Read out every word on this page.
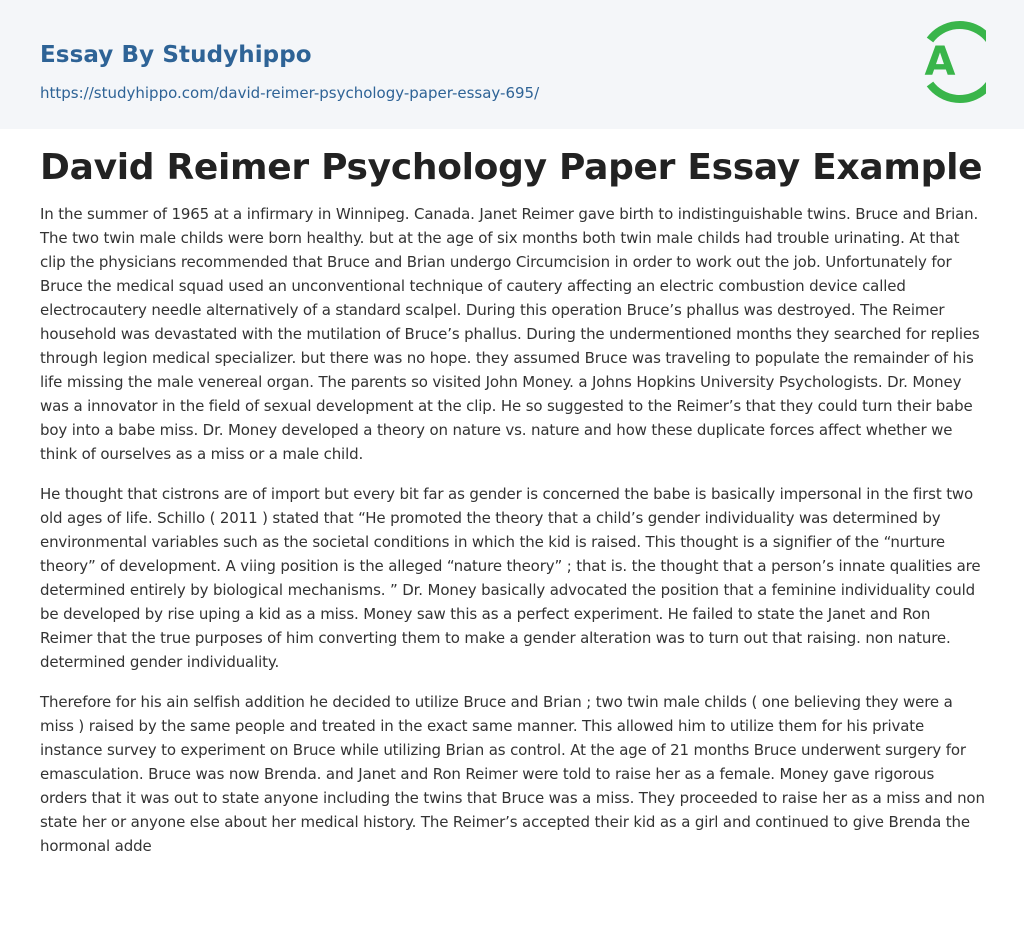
Essay By Studyhippo
https://studyhippo.com/david-reimer-psychology-paper-essay-695/
A
David Reimer Psychology Paper Essay Example

In the summer of 1965 at a infirmary in Winnipeg. Canada. Janet Reimer gave birth to indistinguishable twins. Bruce and Brian. The two twin male childs were born healthy. but at the age of six months both twin male childs had trouble urinating. At that clip the physicians recommended that Bruce and Brian undergo Circumcision in order to work out the job. Unfortunately for Bruce the medical squad used an unconventional technique of cautery affecting an electric combustion device called electrocautery needle alternatively of a standard scalpel. During this operation Bruce’s phallus was destroyed. The Reimer household was devastated with the mutilation of Bruce’s phallus. During the undermentioned months they searched for replies through legion medical specializer. but there was no hope. they assumed Bruce was traveling to populate the remainder of his life missing the male venereal organ. The parents so visited John Money. a Johns Hopkins University Psychologists. Dr. Money was a innovator in the field of sexual development at the clip. He so suggested to the Reimer’s that they could turn their babe boy into a babe miss. Dr. Money developed a theory on nature vs. nature and how these duplicate forces affect whether we think of ourselves as a miss or a male child.

He thought that cistrons are of import but every bit far as gender is concerned the babe is basically impersonal in the first two old ages of life. Schillo ( 2011 ) stated that “He promoted the theory that a child’s gender individuality was determined by environmental variables such as the societal conditions in which the kid is raised. This thought is a signifier of the “nurture theory” of development. A viing position is the alleged “nature theory” ; that is. the thought that a person’s innate qualities are determined entirely by biological mechanisms. ” Dr. Money basically advocated the position that a feminine individuality could be developed by rise uping a kid as a miss. Money saw this as a perfect experiment. He failed to state the Janet and Ron Reimer that the true purposes of him converting them to make a gender alteration was to turn out that raising. non nature. determined gender individuality.

Therefore for his ain selfish addition he decided to utilize Bruce and Brian ; two twin male childs ( one believing they were a miss ) raised by the same people and treated in the exact same manner. This allowed him to utilize them for his private instance survey to experiment on Bruce while utilizing Brian as control. At the age of 21 months Bruce underwent surgery for emasculation. Bruce was now Brenda. and Janet and Ron Reimer were told to raise her as a female. Money gave rigorous orders that it was out to state anyone including the twins that Bruce was a miss. They proceeded to raise her as a miss and non state her or anyone else about her medical history. The Reimer’s accepted their kid as a girl and continued to give Brenda the hormonal adde
